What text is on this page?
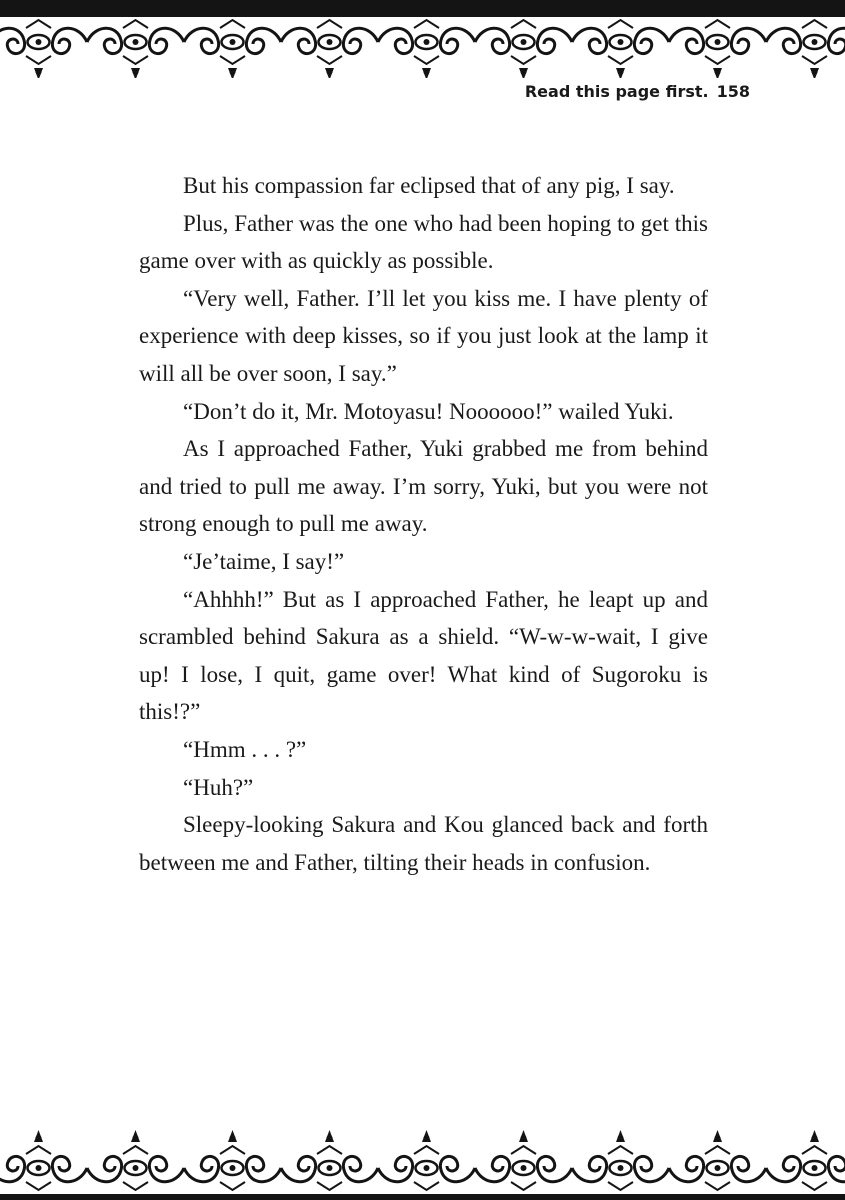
Read this page first. 158

But his compassion far eclipsed that of any pig, I say.

Plus, Father was the one who had been hoping to get this game over with as quickly as possible.

“Very well, Father. I’ll let you kiss me. I have plenty of experience with deep kisses, so if you just look at the lamp it will all be over soon, I say.”

“Don’t do it, Mr. Motoyasu! Noooooo!” wailed Yuki.

As I approached Father, Yuki grabbed me from behind and tried to pull me away. I’m sorry, Yuki, but you were not strong enough to pull me away.

“Je’taime, I say!”

“Ahhhh!” But as I approached Father, he leapt up and scrambled behind Sakura as a shield. “W-w-w-wait, I give up! I lose, I quit, game over! What kind of Sugoroku is this!?”

“Hmm . . . ?”

“Huh?”

Sleepy-looking Sakura and Kou glanced back and forth between me and Father, tilting their heads in confusion.
